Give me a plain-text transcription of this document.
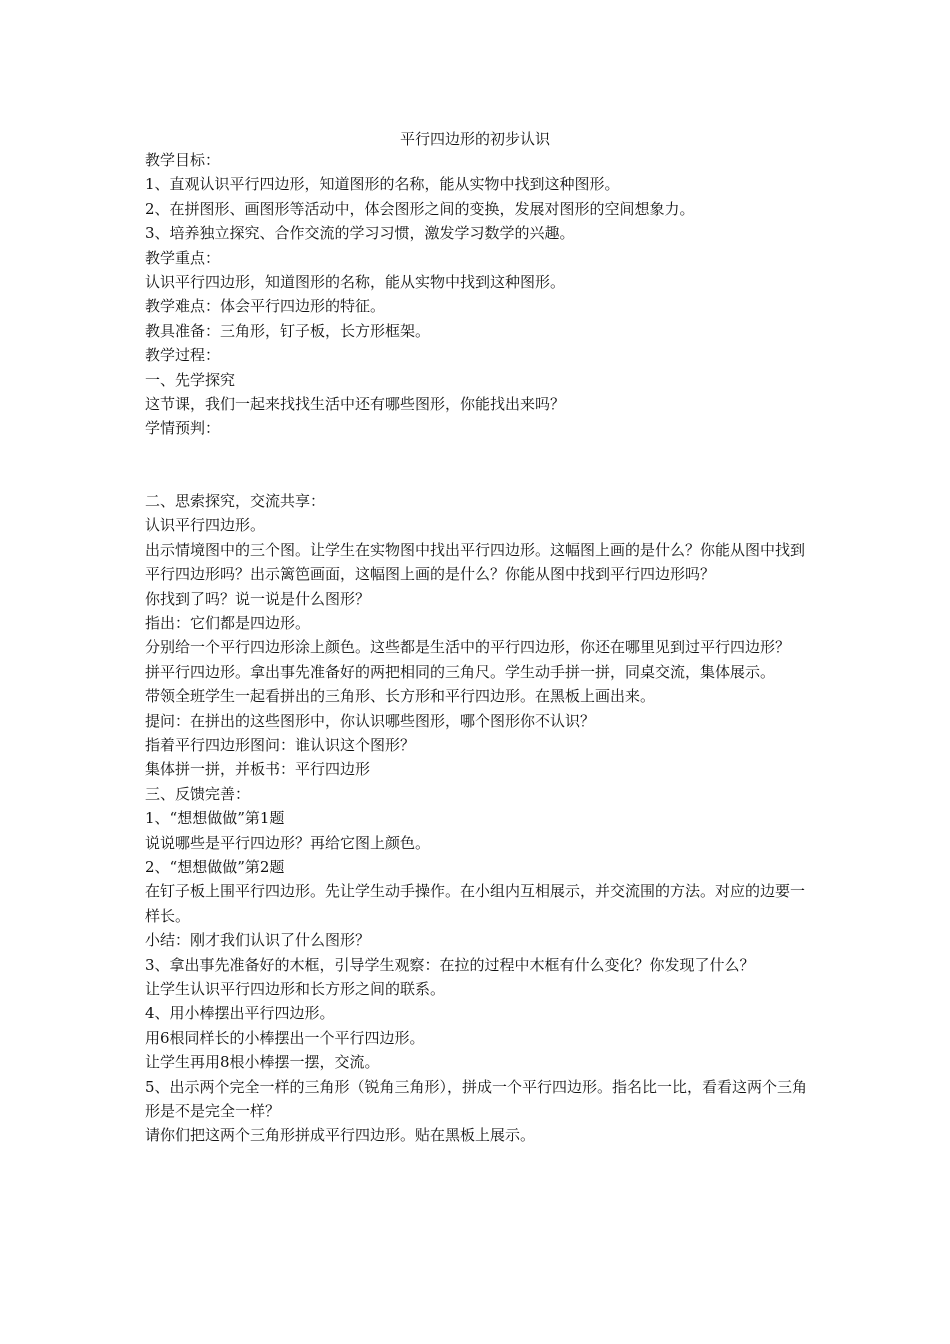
平行四边形的初步认识

教学目标：

1、直观认识平行四边形，知道图形的名称，能从实物中找到这种图形。

2、在拼图形、画图形等活动中，体会图形之间的变换，发展对图形的空间想象力。

3、培养独立探究、合作交流的学习习惯，激发学习数学的兴趣。

教学重点：

认识平行四边形，知道图形的名称，能从实物中找到这种图形。

教学难点：体会平行四边形的特征。

教具准备：三角形，钉子板，长方形框架。

教学过程：

一、先学探究

这节课，我们一起来找找生活中还有哪些图形，你能找出来吗？

学情预判：

二、思索探究，交流共享：

认识平行四边形。

出示情境图中的三个图。让学生在实物图中找出平行四边形。这幅图上画的是什么？你能从图中找到平行四边形吗？出示篱笆画面，这幅图上画的是什么？你能从图中找到平行四边形吗？

你找到了吗？说一说是什么图形？

指出：它们都是四边形。

分别给一个平行四边形涂上颜色。这些都是生活中的平行四边形，你还在哪里见到过平行四边形？

拼平行四边形。拿出事先准备好的两把相同的三角尺。学生动手拼一拼，同桌交流，集体展示。

带领全班学生一起看拼出的三角形、长方形和平行四边形。在黑板上画出来。

提问：在拼出的这些图形中，你认识哪些图形，哪个图形你不认识？

指着平行四边形图问：谁认识这个图形？

集体拼一拼，并板书：平行四边形

三、反馈完善：

1、“想想做做”第1题

说说哪些是平行四边形？再给它图上颜色。

2、“想想做做”第2题

在钉子板上围平行四边形。先让学生动手操作。在小组内互相展示，并交流围的方法。对应的边要一样长。

小结：刚才我们认识了什么图形？

3、拿出事先准备好的木框，引导学生观察：在拉的过程中木框有什么变化？你发现了什么？

让学生认识平行四边形和长方形之间的联系。

4、用小棒摆出平行四边形。

用6根同样长的小棒摆出一个平行四边形。

让学生再用8根小棒摆一摆，交流。

5、出示两个完全一样的三角形（锐角三角形），拼成一个平行四边形。指名比一比，看看这两个三角形是不是完全一样？

请你们把这两个三角形拼成平行四边形。贴在黑板上展示。
